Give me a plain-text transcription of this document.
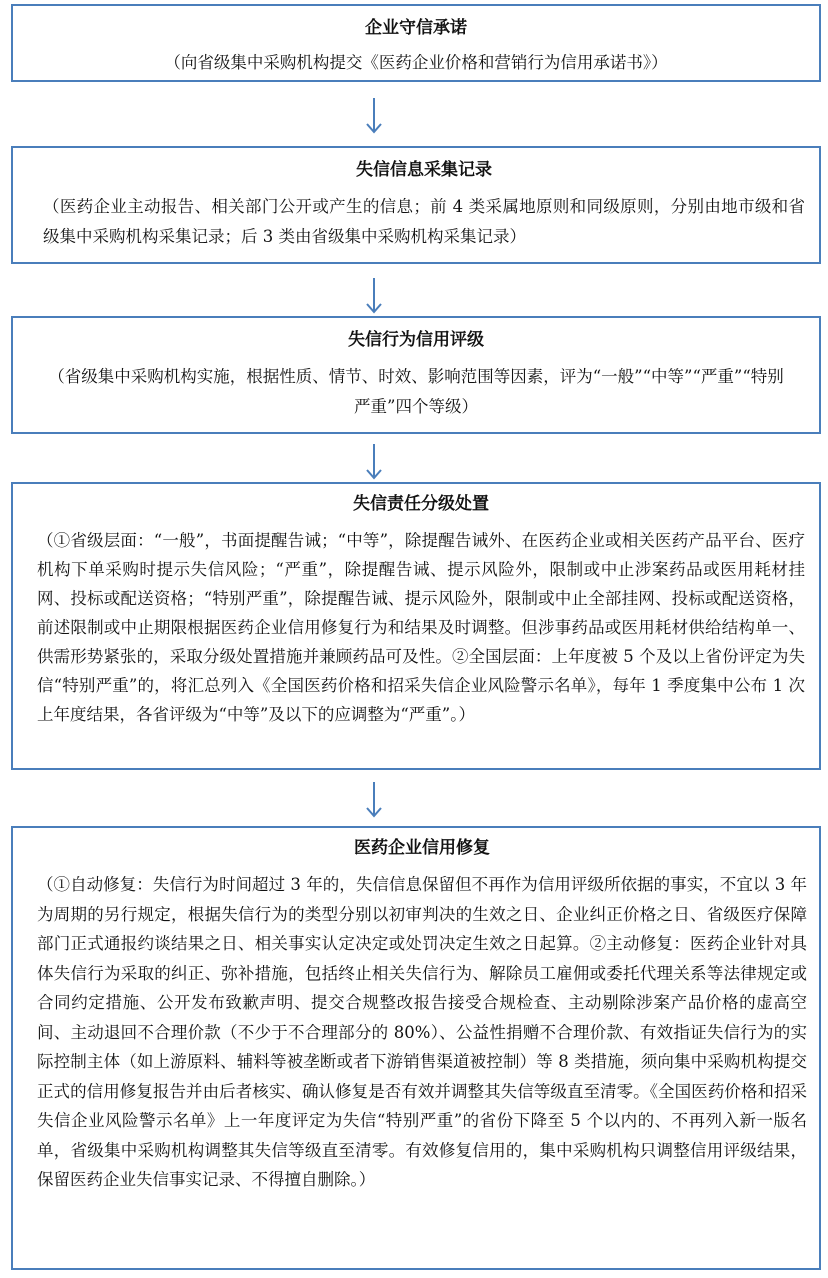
企业守信承诺
（向省级集中采购机构提交《医药企业价格和营销行为信用承诺书》）
失信信息采集记录
（医药企业主动报告、相关部门公开或产生的信息；前 4 类采属地原则和同级原则，分别由地市级和省级集中采购机构采集记录；后 3 类由省级集中采购机构采集记录）
失信行为信用评级
（省级集中采购机构实施，根据性质、情节、时效、影响范围等因素，评为“一般”“中等”“严重”“特别严重”四个等级）
失信责任分级处置
（①省级层面：“一般”，书面提醒告诫；“中等”，除提醒告诫外、在医药企业或相关医药产品平台、医疗机构下单采购时提示失信风险；“严重”，除提醒告诫、提示风险外，限制或中止涉案药品或医用耗材挂网、投标或配送资格；“特别严重”，除提醒告诫、提示风险外，限制或中止全部挂网、投标或配送资格，前述限制或中止期限根据医药企业信用修复行为和结果及时调整。但涉事药品或医用耗材供给结构单一、供需形势紧张的，采取分级处置措施并兼顾药品可及性。②全国层面：上年度被 5 个及以上省份评定为失信“特别严重”的，将汇总列入《全国医药价格和招采失信企业风险警示名单》，每年 1 季度集中公布 1 次上年度结果，各省评级为“中等”及以下的应调整为“严重”。）
医药企业信用修复
（①自动修复：失信行为时间超过 3 年的，失信信息保留但不再作为信用评级所依据的事实，不宜以 3 年为周期的另行规定，根据失信行为的类型分别以初审判决的生效之日、企业纠正价格之日、省级医疗保障部门正式通报约谈结果之日、相关事实认定决定或处罚决定生效之日起算。②主动修复：医药企业针对具体失信行为采取的纠正、弥补措施，包括终止相关失信行为、解除员工雇佣或委托代理关系等法律规定或合同约定措施、公开发布致歉声明、提交合规整改报告接受合规检查、主动剔除涉案产品价格的虚高空间、主动退回不合理价款（不少于不合理部分的 80%）、公益性捐赠不合理价款、有效指证失信行为的实际控制主体（如上游原料、辅料等被垄断或者下游销售渠道被控制）等 8 类措施，须向集中采购机构提交正式的信用修复报告并由后者核实、确认修复是否有效并调整其失信等级直至清零。《全国医药价格和招采失信企业风险警示名单》上一年度评定为失信“特别严重”的省份下降至 5 个以内的、不再列入新一版名单，省级集中采购机构调整其失信等级直至清零。有效修复信用的，集中采购机构只调整信用评级结果，保留医药企业失信事实记录、不得擅自删除。）
